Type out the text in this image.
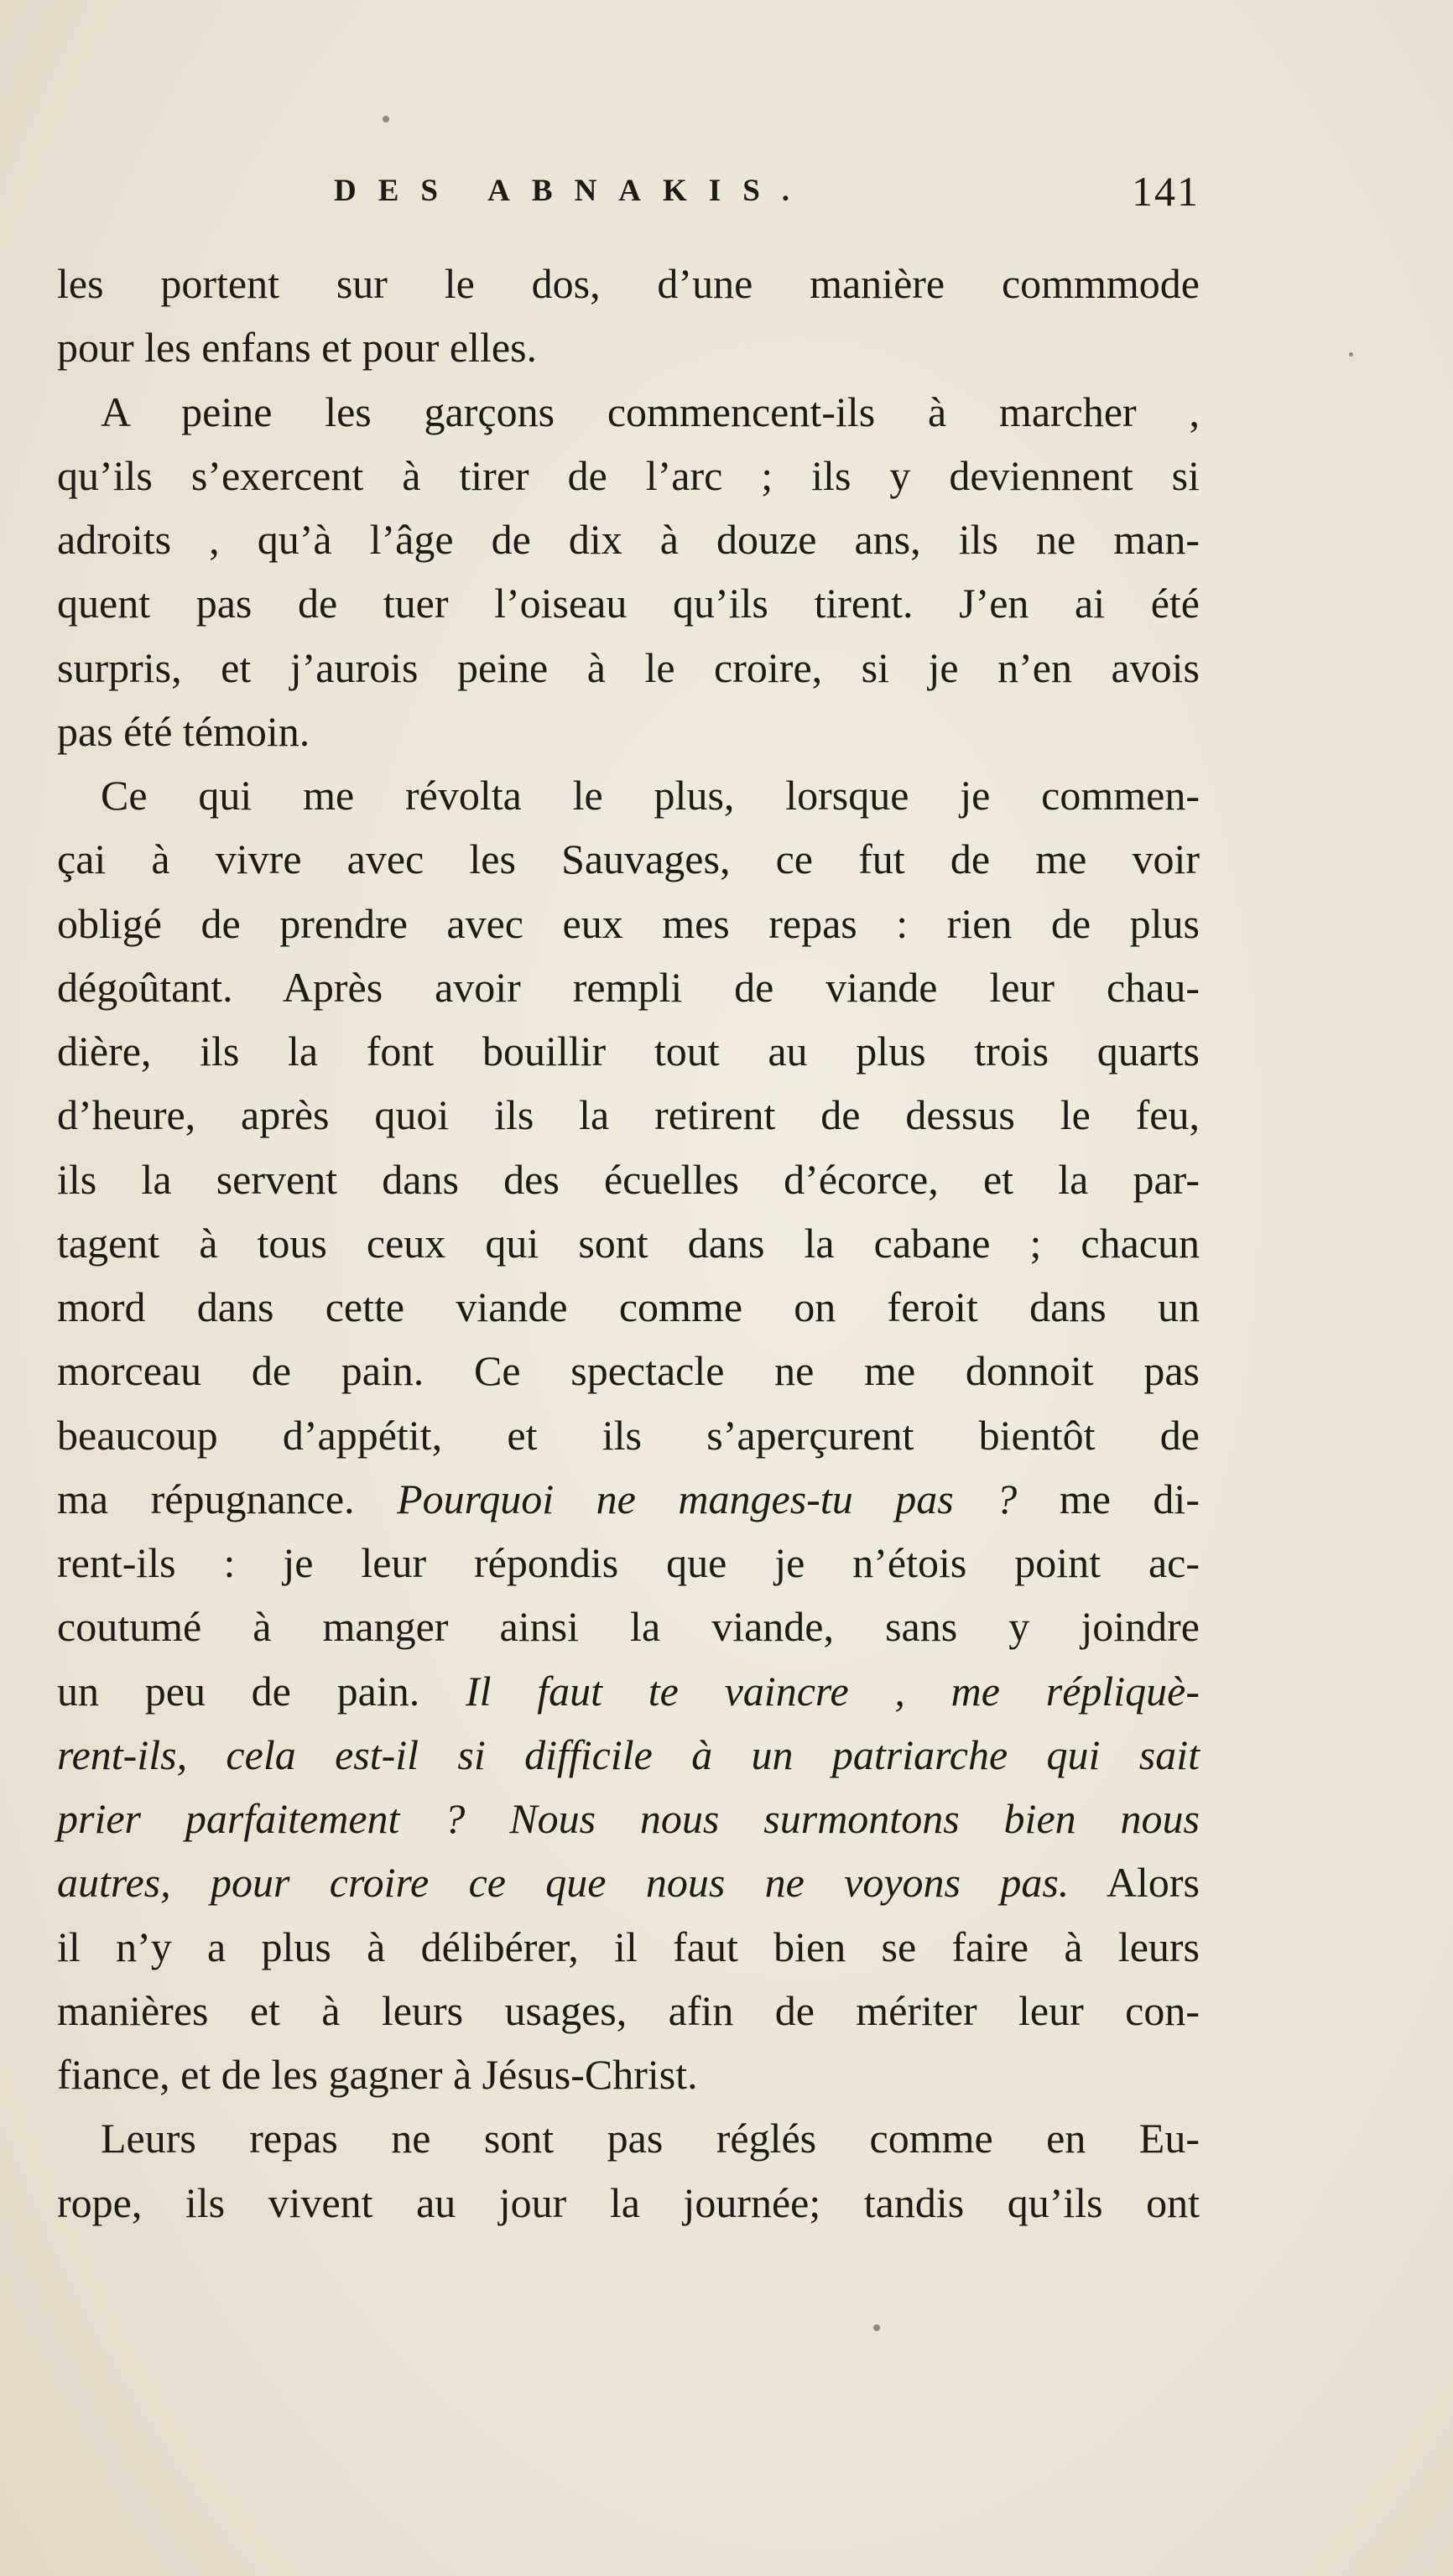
DES ABNAKIS.	141
les portent sur le dos, d’une manière commmode
pour les enfans et pour elles.
A peine les garçons commencent-ils à marcher ,
qu’ils s’exercent à tirer de l’arc ; ils y deviennent si
adroits , qu’à l’âge de dix à douze ans, ils ne man-
quent pas de tuer l’oiseau qu’ils tirent. J’en ai été
surpris, et j’aurois peine à le croire, si je n’en avois
pas été témoin.
Ce qui me révolta le plus, lorsque je commen-
çai à vivre avec les Sauvages, ce fut de me voir
obligé de prendre avec eux mes repas : rien de plus
dégoûtant. Après avoir rempli de viande leur chau-
dière, ils la font bouillir tout au plus trois quarts
d’heure, après quoi ils la retirent de dessus le feu,
ils la servent dans des écuelles d’écorce, et la par-
tagent à tous ceux qui sont dans la cabane ; chacun
mord dans cette viande comme on feroit dans un
morceau de pain. Ce spectacle ne me donnoit pas
beaucoup d’appétit, et ils s’aperçurent bientôt de
ma répugnance. Pourquoi ne manges-tu pas ? me di-
rent-ils : je leur répondis que je n’étois point ac-
coutumé à manger ainsi la viande, sans y joindre
un peu de pain. Il faut te vaincre , me répliquè-
rent-ils, cela est-il si difficile à un patriarche qui sait
prier parfaitement ? Nous nous surmontons bien nous
autres, pour croire ce que nous ne voyons pas. Alors
il n’y a plus à délibérer, il faut bien se faire à leurs
manières et à leurs usages, afin de mériter leur con-
fiance, et de les gagner à Jésus-Christ.
Leurs repas ne sont pas réglés comme en Eu-
rope, ils vivent au jour la journée; tandis qu’ils ont
